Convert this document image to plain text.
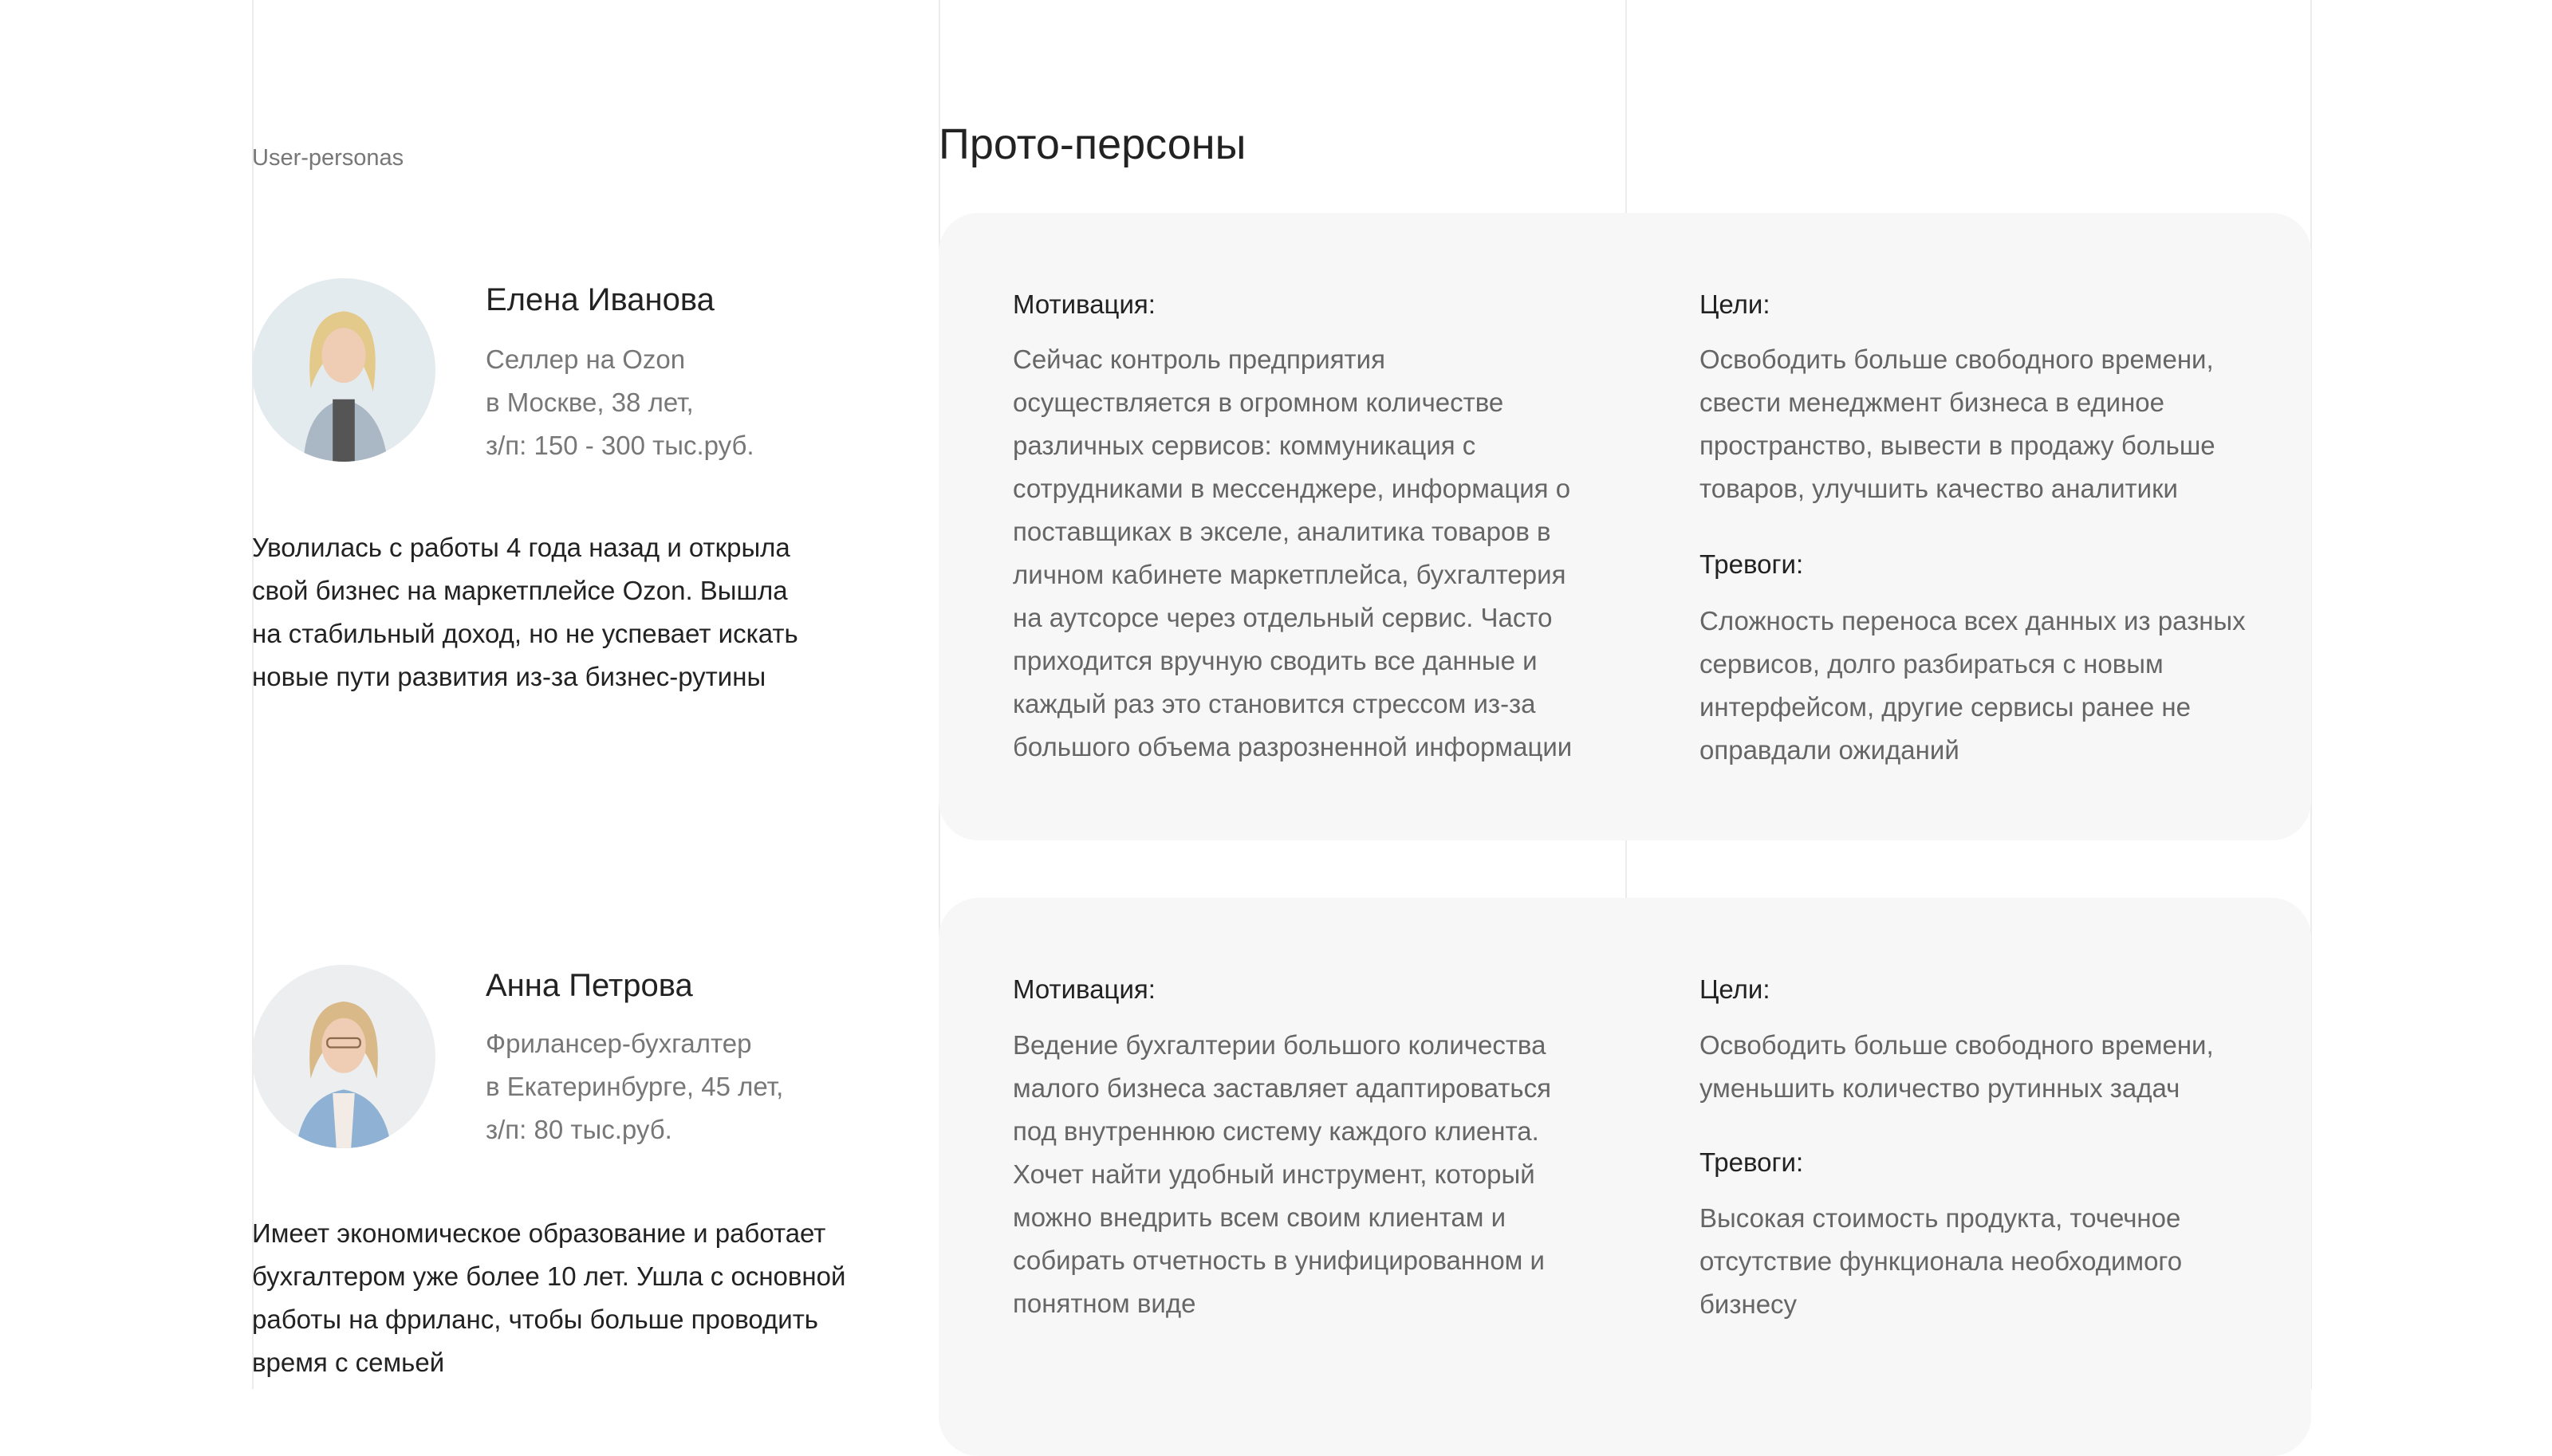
User-personas	Прото-персоны
Елена Иванова
Селлер на Ozon
в Москве, 38 лет,
з/п: 150 - 300 тыс.руб.
Уволилась с работы 4 года назад и открыла свой бизнес на маркетплейсе Ozon. Вышла на стабильный доход, но не успевает искать новые пути развития из-за бизнес-рутины
Мотивация:
Сейчас контроль предприятия осуществляется в огромном количестве различных сервисов: коммуникация с сотрудниками в мессенджере, информация о поставщиках в экселе, аналитика товаров в личном кабинете маркетплейса, бухгалтерия на аутсорсе через отдельный сервис. Часто приходится вручную сводить все данные и каждый раз это становится стрессом из-за большого объема разрозненной информации
Цели:
Освободить больше свободного времени, свести менеджмент бизнеса в единое пространство, вывести в продажу больше товаров, улучшить качество аналитики
Тревоги:
Сложность переноса всех данных из разных сервисов, долго разбираться с новым интерфейсом, другие сервисы ранее не оправдали ожиданий
Анна Петрова
Фрилансер-бухгалтер
в Екатеринбурге, 45 лет,
з/п: 80 тыс.руб.
Имеет экономическое образование и работает бухгалтером уже более 10 лет. Ушла с основной работы на фриланс, чтобы больше проводить время с семьей
Мотивация:
Ведение бухгалтерии большого количества малого бизнеса заставляет адаптироваться под внутреннюю систему каждого клиента. Хочет найти удобный инструмент, который можно внедрить всем своим клиентам и собирать отчетность в унифицированном и понятном виде
Цели:
Освободить больше свободного времени, уменьшить количество рутинных задач
Тревоги:
Высокая стоимость продукта, точечное отсутствие функционала необходимого бизнесу
